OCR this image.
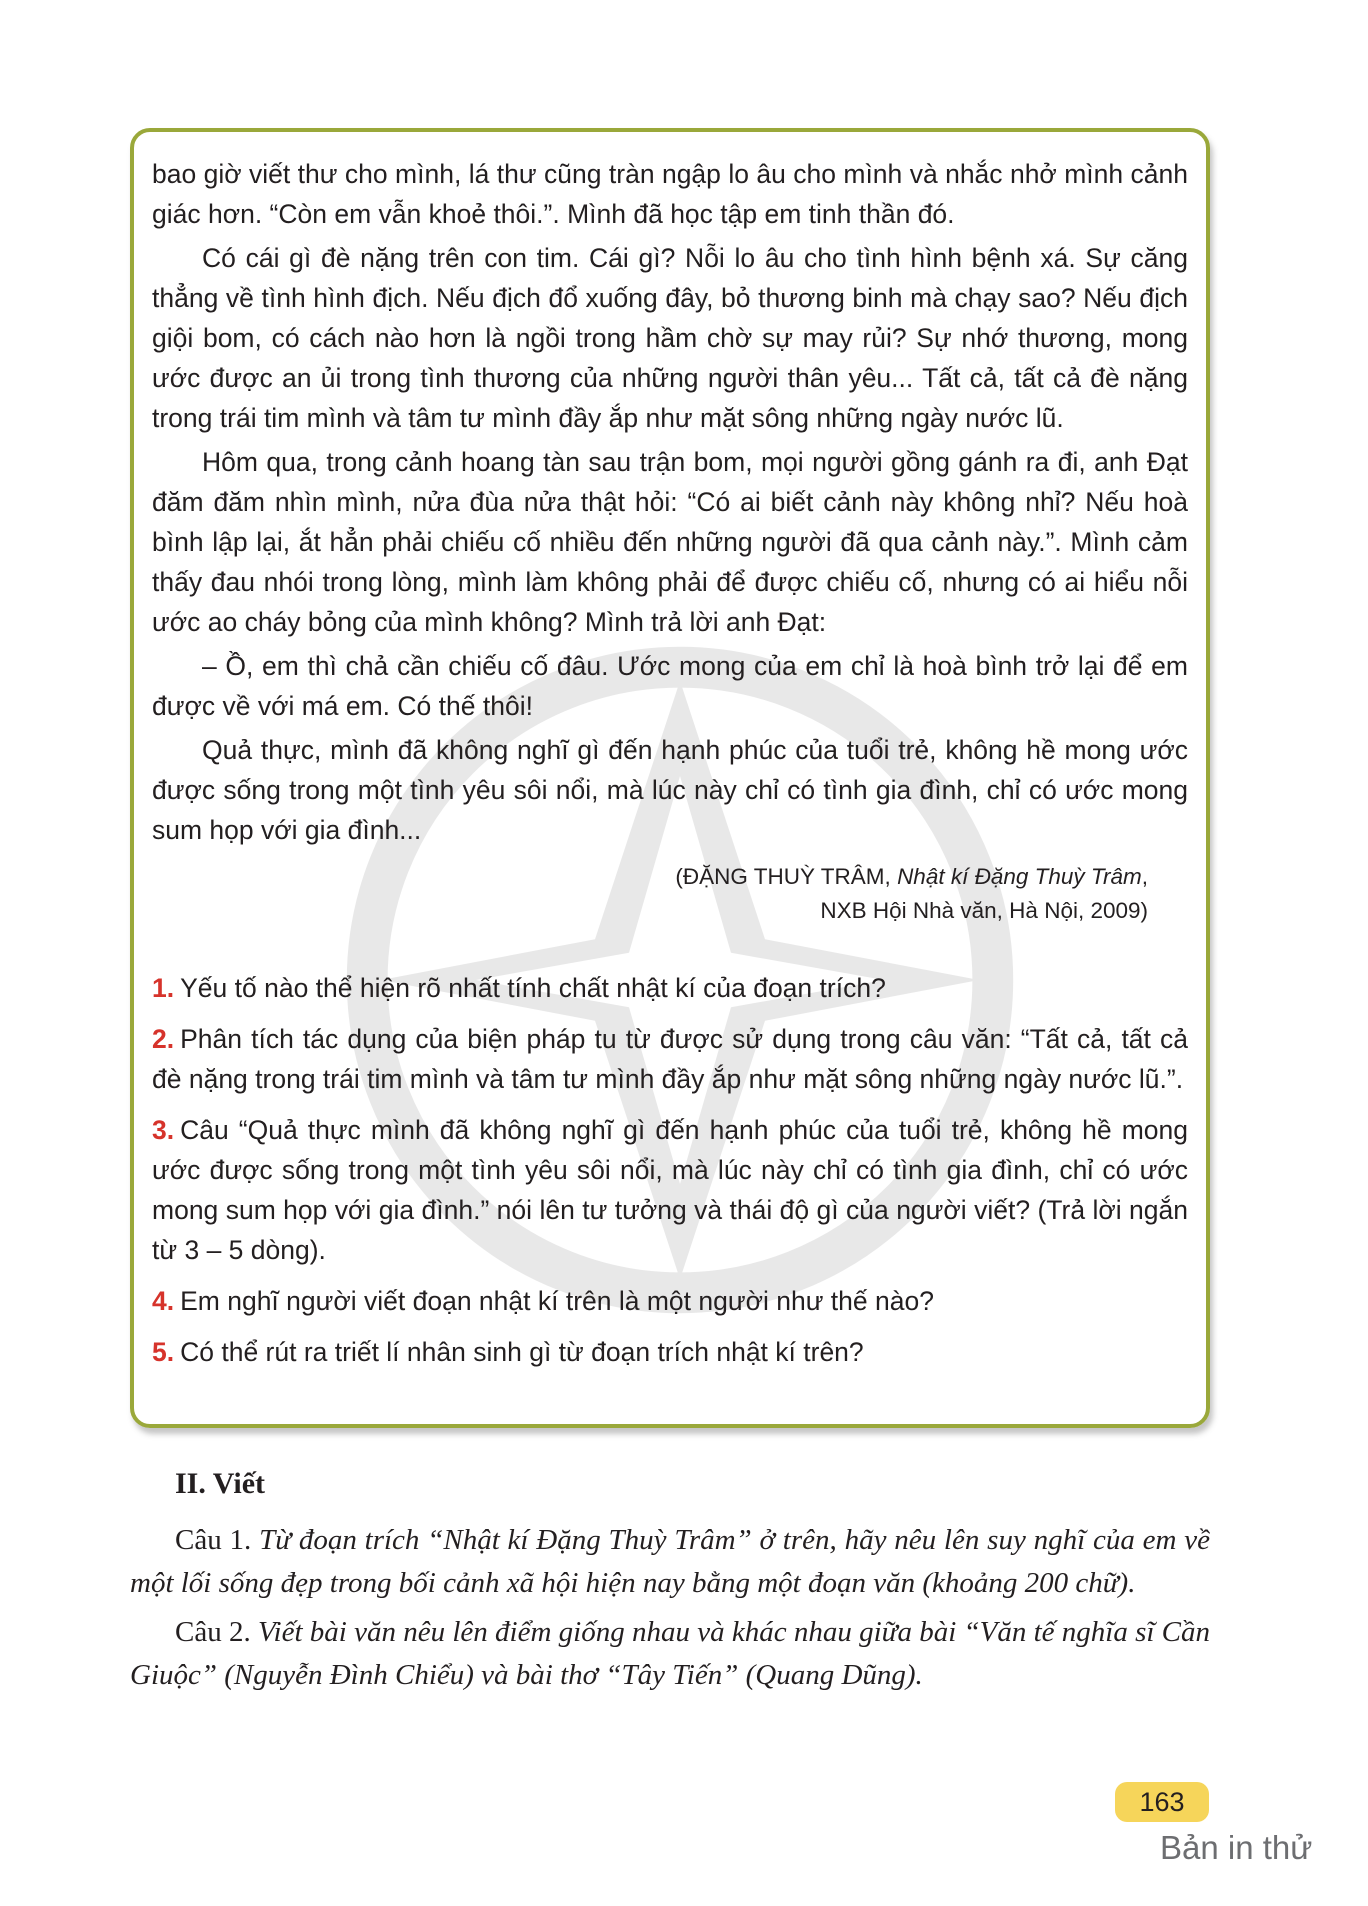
bao giờ viết thư cho mình, lá thư cũng tràn ngập lo âu cho mình và nhắc nhở mình cảnh giác hơn. “Còn em vẫn khoẻ thôi.”. Mình đã học tập em tinh thần đó.

Có cái gì đè nặng trên con tim. Cái gì? Nỗi lo âu cho tình hình bệnh xá. Sự căng thẳng về tình hình địch. Nếu địch đổ xuống đây, bỏ thương binh mà chạy sao? Nếu địch giội bom, có cách nào hơn là ngồi trong hầm chờ sự may rủi? Sự nhớ thương, mong ước được an ủi trong tình thương của những người thân yêu... Tất cả, tất cả đè nặng trong trái tim mình và tâm tư mình đầy ắp như mặt sông những ngày nước lũ.

Hôm qua, trong cảnh hoang tàn sau trận bom, mọi người gồng gánh ra đi, anh Đạt đăm đăm nhìn mình, nửa đùa nửa thật hỏi: “Có ai biết cảnh này không nhỉ? Nếu hoà bình lập lại, ắt hẳn phải chiếu cố nhiều đến những người đã qua cảnh này.”. Mình cảm thấy đau nhói trong lòng, mình làm không phải để được chiếu cố, nhưng có ai hiểu nỗi ước ao cháy bỏng của mình không? Mình trả lời anh Đạt:

– Ồ, em thì chả cần chiếu cố đâu. Ước mong của em chỉ là hoà bình trở lại để em được về với má em. Có thế thôi!

Quả thực, mình đã không nghĩ gì đến hạnh phúc của tuổi trẻ, không hề mong ước được sống trong một tình yêu sôi nổi, mà lúc này chỉ có tình gia đình, chỉ có ước mong sum họp với gia đình...

(ĐẶNG THUỲ TRÂM, Nhật kí Đặng Thuỳ Trâm,
NXB Hội Nhà văn, Hà Nội, 2009)

1. Yếu tố nào thể hiện rõ nhất tính chất nhật kí của đoạn trích?

2. Phân tích tác dụng của biện pháp tu từ được sử dụng trong câu văn: “Tất cả, tất cả đè nặng trong trái tim mình và tâm tư mình đầy ắp như mặt sông những ngày nước lũ.”.

3. Câu “Quả thực mình đã không nghĩ gì đến hạnh phúc của tuổi trẻ, không hề mong ước được sống trong một tình yêu sôi nổi, mà lúc này chỉ có tình gia đình, chỉ có ước mong sum họp với gia đình.” nói lên tư tưởng và thái độ gì của người viết? (Trả lời ngắn từ 3 – 5 dòng).

4. Em nghĩ người viết đoạn nhật kí trên là một người như thế nào?

5. Có thể rút ra triết lí nhân sinh gì từ đoạn trích nhật kí trên?

II. Viết

Câu 1. Từ đoạn trích “Nhật kí Đặng Thuỳ Trâm” ở trên, hãy nêu lên suy nghĩ của em về một lối sống đẹp trong bối cảnh xã hội hiện nay bằng một đoạn văn (khoảng 200 chữ).

Câu 2. Viết bài văn nêu lên điểm giống nhau và khác nhau giữa bài “Văn tế nghĩa sĩ Cần Giuộc” (Nguyễn Đình Chiểu) và bài thơ “Tây Tiến” (Quang Dũng).

163
Bản in thử
